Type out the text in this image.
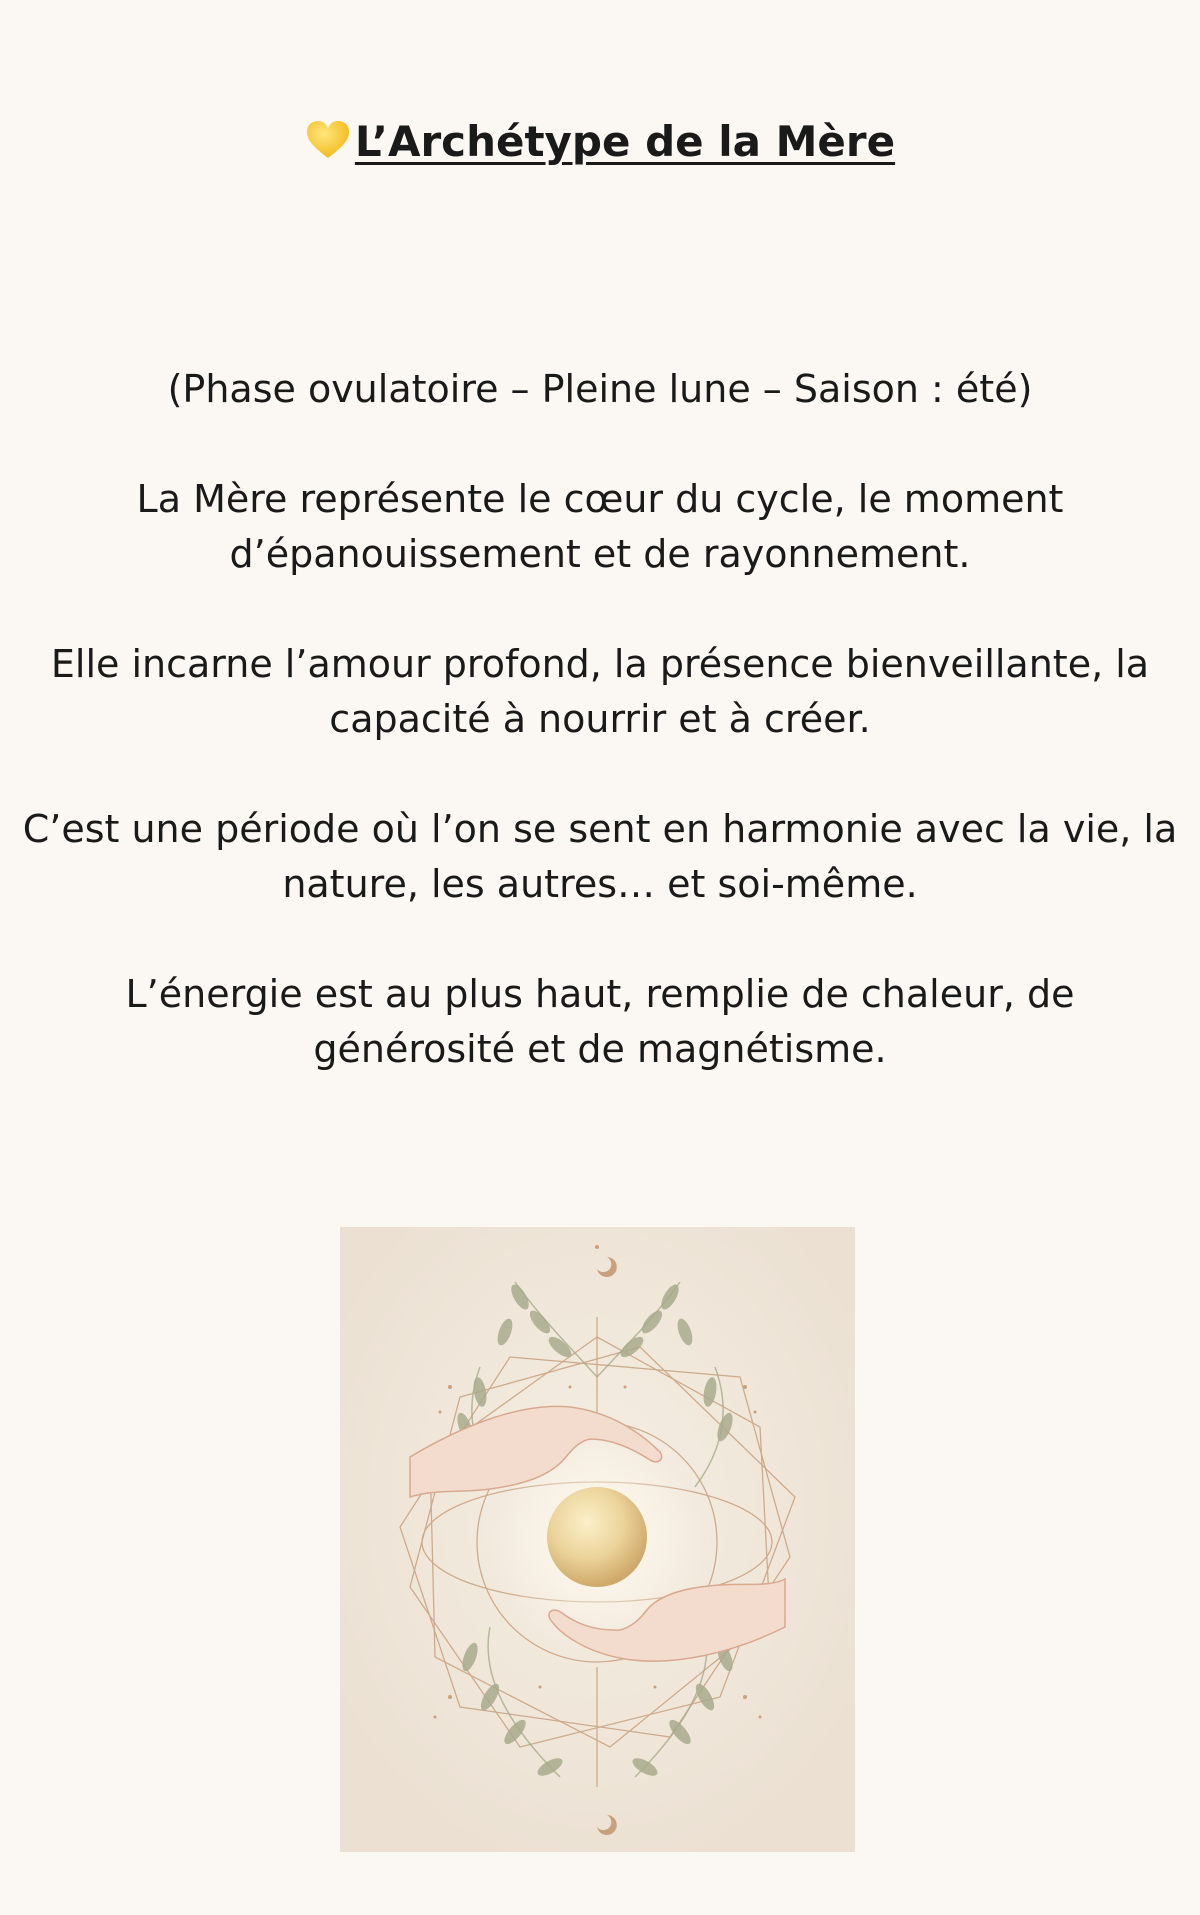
L’Archétype de la Mère

(Phase ovulatoire – Pleine lune – Saison : été)

La Mère représente le cœur du cycle, le moment d’épanouissement et de rayonnement.

Elle incarne l’amour profond, la présence bienveillante, la capacité à nourrir et à créer.

C’est une période où l’on se sent en harmonie avec la vie, la nature, les autres… et soi-même.

L’énergie est au plus haut, remplie de chaleur, de générosité et de magnétisme.
